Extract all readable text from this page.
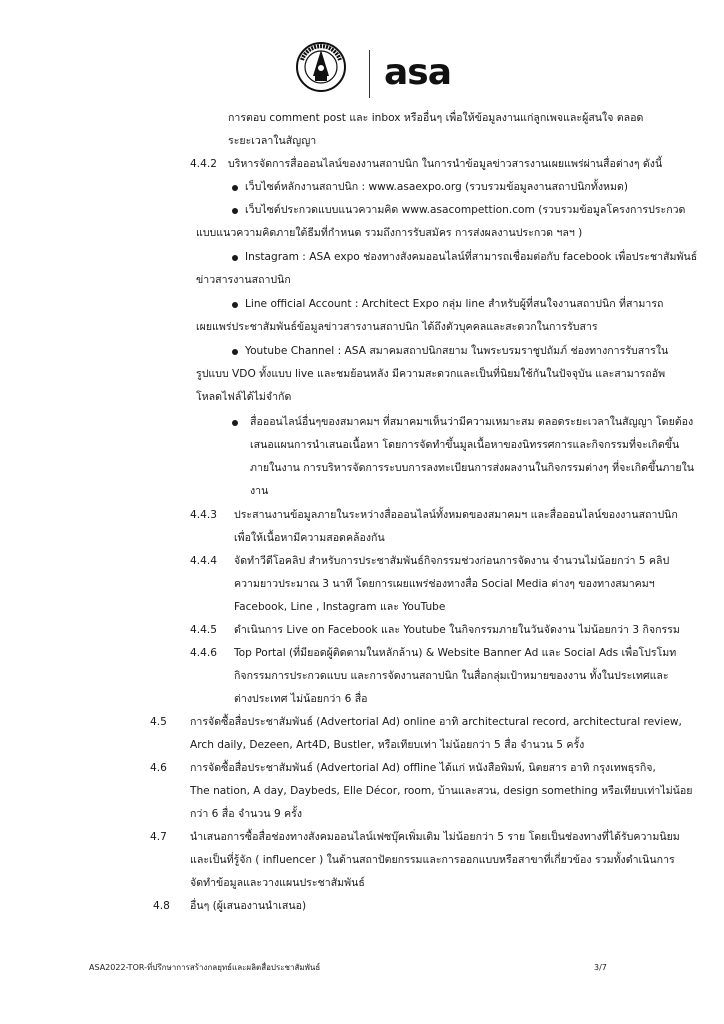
asa
การตอบ comment post และ inbox หรืออื่นๆ เพื่อให้ข้อมูลงานแก่ลูกเพจและผู้สนใจ ตลอด
ระยะเวลาในสัญญา
4.4.2 บริหารจัดการสื่อออนไลน์ของงานสถาปนิก ในการนำข้อมูลข่าวสารงานเผยแพร่ผ่านสื่อต่างๆ ดังนี้
เว็บไซต์หลักงานสถาปนิก : www.asaexpo.org (รวบรวมข้อมูลงานสถาปนิกทั้งหมด)
เว็บไซต์ประกวดแบบแนวความคิด www.asacompettion.com (รวบรวมข้อมูลโครงการประกวด
แบบแนวความคิดภายใต้ธีมที่กำหนด รวมถึงการรับสมัคร การส่งผลงานประกวด ฯลฯ )
Instagram : ASA expo ช่องทางสังคมออนไลน์ที่สามารถเชื่อมต่อกับ facebook เพื่อประชาสัมพันธ์
ข่าวสารงานสถาปนิก
Line official Account : Architect Expo กลุ่ม line สำหรับผู้ที่สนใจงานสถาปนิก ที่สามารถ
เผยแพร่ประชาสัมพันธ์ข้อมูลข่าวสารงานสถาปนิก ได้ถึงตัวบุคคลและสะดวกในการรับสาร
Youtube Channel : ASA สมาคมสถาปนิกสยาม ในพระบรมราชูปถัมภ์ ช่องทางการรับสารใน
รูปแบบ VDO ทั้งแบบ live และชมย้อนหลัง มีความสะดวกและเป็นที่นิยมใช้กันในปัจจุบัน และสามารถอัพ
โหลดไฟล์ได้ไม่จำกัด
สื่อออนไลน์อื่นๆของสมาคมฯ ที่สมาคมฯเห็นว่ามีความเหมาะสม ตลอดระยะเวลาในสัญญา โดยต้อง
เสนอแผนการนำเสนอเนื้อหา โดยการจัดทำขึ้นมูลเนื้อหาของนิทรรศการและกิจกรรมที่จะเกิดขึ้น
ภายในงาน การบริหารจัดการระบบการลงทะเบียนการส่งผลงานในกิจกรรมต่างๆ ที่จะเกิดขึ้นภายใน
งาน
4.4.3 ประสานงานข้อมูลภายในระหว่างสื่อออนไลน์ทั้งหมดของสมาคมฯ และสื่อออนไลน์ของงานสถาปนิก
เพื่อให้เนื้อหามีความสอดคล้องกัน
4.4.4 จัดทำวีดีโอคลิป สำหรับการประชาสัมพันธ์กิจกรรมช่วงก่อนการจัดงาน จำนวนไม่น้อยกว่า 5 คลิป
ความยาวประมาณ 3 นาที โดยการเผยแพร่ช่องทางสื่อ Social Media ต่างๆ ของทางสมาคมฯ
Facebook, Line , Instagram และ YouTube
4.4.5 ดำเนินการ Live on Facebook และ Youtube ในกิจกรรมภายในวันจัดงาน ไม่น้อยกว่า 3 กิจกรรม
4.4.6 Top Portal (ที่มียอดผู้ติดตามในหลักล้าน) & Website Banner Ad และ Social Ads เพื่อโปรโมท
กิจกรรมการประกวดแบบ และการจัดงานสถาปนิก ในสื่อกลุ่มเป้าหมายของงาน ทั้งในประเทศและ
ต่างประเทศ ไม่น้อยกว่า 6 สื่อ
4.5 การจัดซื้อสื่อประชาสัมพันธ์ (Advertorial Ad) online อาทิ architectural record, architectural review,
Arch daily, Dezeen, Art4D, Bustler, หรือเทียบเท่า ไม่น้อยกว่า 5 สื่อ จำนวน 5 ครั้ง
4.6 การจัดซื้อสื่อประชาสัมพันธ์ (Advertorial Ad) offline ได้แก่ หนังสือพิมพ์, นิตยสาร อาทิ กรุงเทพธุรกิจ,
The nation, A day, Daybeds, Elle Décor, room, บ้านและสวน, design something หรือเทียบเท่าไม่น้อย
กว่า 6 สื่อ จำนวน 9 ครั้ง
4.7 นำเสนอการซื้อสื่อช่องทางสังคมออนไลน์เฟซบุ๊คเพิ่มเติม ไม่น้อยกว่า 5 ราย โดยเป็นช่องทางที่ได้รับความนิยม
และเป็นที่รู้จัก ( influencer ) ในด้านสถาปัตยกรรมและการออกแบบหรือสาขาที่เกี่ยวข้อง รวมทั้งดำเนินการ
จัดทำข้อมูลและวางแผนประชาสัมพันธ์
4.8 อื่นๆ (ผู้เสนองานนำเสนอ)
ASA2022-TOR-ที่ปรึกษาการสร้างกลยุทธ์และผลิตสื่อประชาสัมพันธ์	3/7
